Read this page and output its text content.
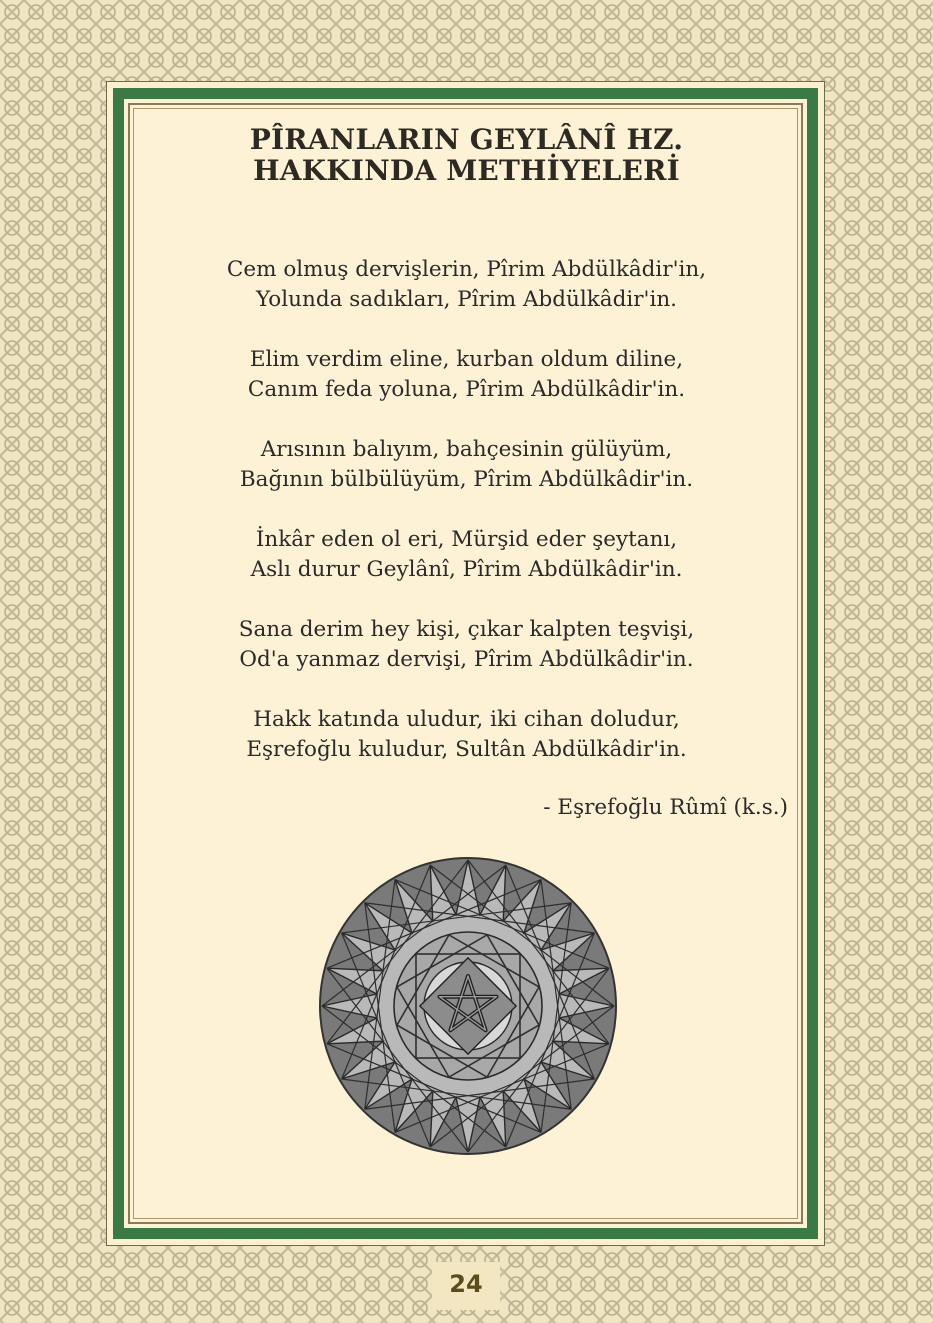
PÎRANLARIN GEYLÂNÎ HZ.
HAKKINDA METHİYELERİ
Cem olmuş dervişlerin, Pîrim Abdülkâdir'in,
Yolunda sadıkları, Pîrim Abdülkâdir'in.
Elim verdim eline, kurban oldum diline,
Canım feda yoluna, Pîrim Abdülkâdir'in.
Arısının balıyım, bahçesinin gülüyüm,
Bağının bülbülüyüm, Pîrim Abdülkâdir'in.
İnkâr eden ol eri, Mürşid eder şeytanı,
Aslı durur Geylânî, Pîrim Abdülkâdir'in.
Sana derim hey kişi, çıkar kalpten teşvişi,
Od'a yanmaz dervişi, Pîrim Abdülkâdir'in.
Hakk katında uludur, iki cihan doludur,
Eşrefoğlu kuludur, Sultân Abdülkâdir'in.
- Eşrefoğlu Rûmî (k.s.)
24
